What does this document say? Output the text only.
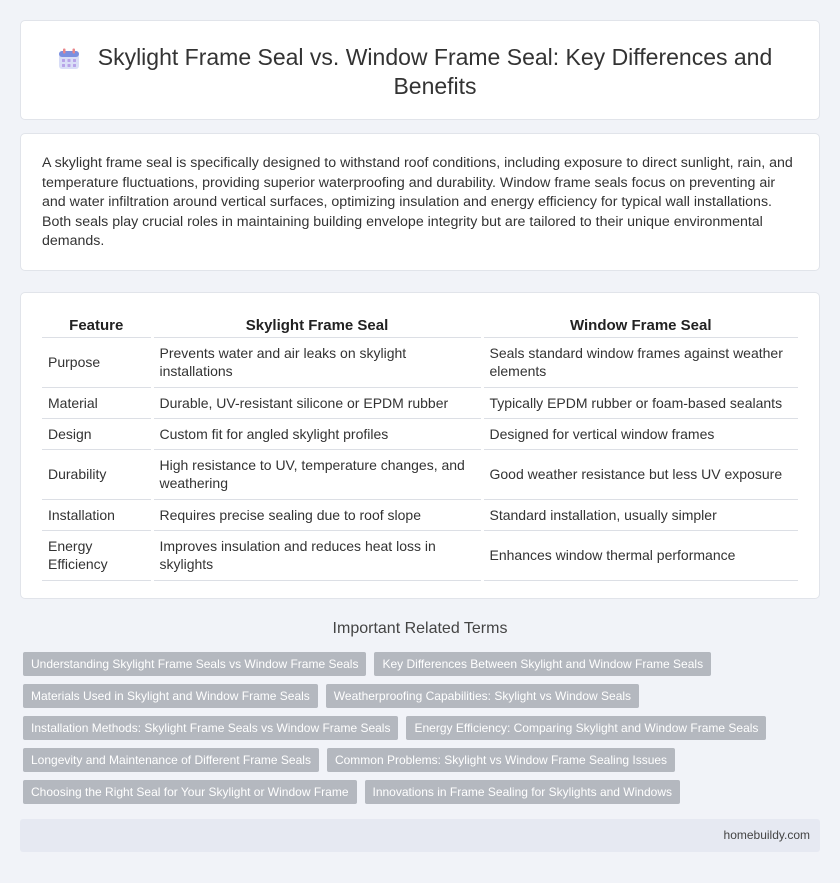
Skylight Frame Seal vs. Window Frame Seal: Key Differences and Benefits

A skylight frame seal is specifically designed to withstand roof conditions, including exposure to direct sunlight, rain, and temperature fluctuations, providing superior waterproofing and durability. Window frame seals focus on preventing air and water infiltration around vertical surfaces, optimizing insulation and energy efficiency for typical wall installations. Both seals play crucial roles in maintaining building envelope integrity but are tailored to their unique environmental demands.

Feature	Skylight Frame Seal	Window Frame Seal
Purpose	Prevents water and air leaks on skylight installations	Seals standard window frames against weather elements
Material	Durable, UV-resistant silicone or EPDM rubber	Typically EPDM rubber or foam-based sealants
Design	Custom fit for angled skylight profiles	Designed for vertical window frames
Durability	High resistance to UV, temperature changes, and weathering	Good weather resistance but less UV exposure
Installation	Requires precise sealing due to roof slope	Standard installation, usually simpler
Energy Efficiency	Improves insulation and reduces heat loss in skylights	Enhances window thermal performance
Important Related Terms
Understanding Skylight Frame Seals vs Window Frame Seals	Key Differences Between Skylight and Window Frame Seals
Materials Used in Skylight and Window Frame Seals	Weatherproofing Capabilities: Skylight vs Window Seals
Installation Methods: Skylight Frame Seals vs Window Frame Seals	Energy Efficiency: Comparing Skylight and Window Frame Seals
Longevity and Maintenance of Different Frame Seals	Common Problems: Skylight vs Window Frame Sealing Issues
Choosing the Right Seal for Your Skylight or Window Frame	Innovations in Frame Sealing for Skylights and Windows
homebuildy.com
